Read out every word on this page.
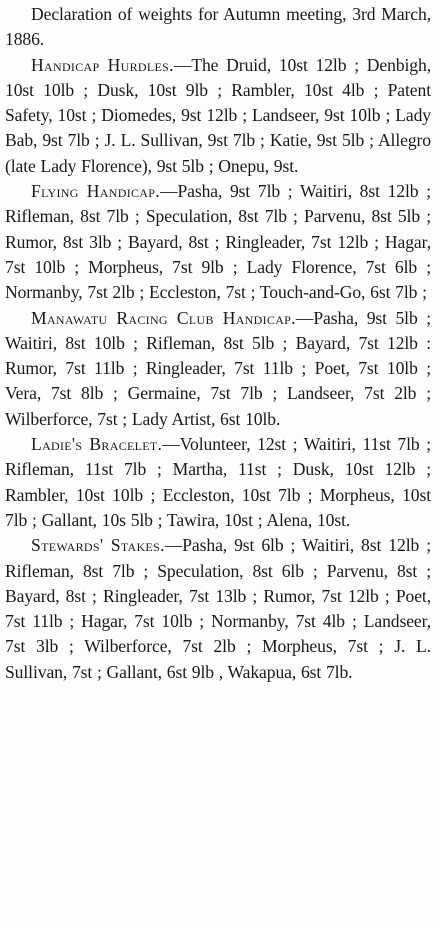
Declaration of weights for Autumn meeting, 3rd March, 1886.

Handicap Hurdles.—The Druid, 10st 12lb ; Denbigh, 10st 10lb ; Dusk, 10st 9lb ; Rambler, 10st 4lb ; Patent Safety, 10st ; Diomedes, 9st 12lb ; Landseer, 9st 10lb ; Lady Bab, 9st 7lb ; J. L. Sullivan, 9st 7lb ; Katie, 9st 5lb ; Allegro (late Lady Florence), 9st 5lb ; Onepu, 9st.

Flying Handicap.—Pasha, 9st 7lb ; Waitiri, 8st 12lb ; Rifleman, 8st 7lb ; Speculation, 8st 7lb ; Parvenu, 8st 5lb ; Rumor, 8st 3lb ; Bayard, 8st ; Ringleader, 7st 12lb ; Hagar, 7st 10lb ; Morpheus, 7st 9lb ; Lady Florence, 7st 6lb ; Normanby, 7st 2lb ; Eccleston, 7st ; Touch-and-Go, 6st 7lb ;

Manawatu Racing Club Handicap.—Pasha, 9st 5lb ; Waitiri, 8st 10lb ; Rifleman, 8st 5lb ; Bayard, 7st 12lb : Rumor, 7st 11lb ; Ringleader, 7st 11lb ; Poet, 7st 10lb ; Vera, 7st 8lb ; Germaine, 7st 7lb ; Landseer, 7st 2lb ; Wilberforce, 7st ; Lady Artist, 6st 10lb.

Ladie's Bracelet.—Volunteer, 12st ; Waitiri, 11st 7lb ; Rifleman, 11st 7lb ; Martha, 11st ; Dusk, 10st 12lb ; Rambler, 10st 10lb ; Eccleston, 10st 7lb ; Morpheus, 10st 7lb ; Gallant, 10s 5lb ; Tawira, 10st ; Alena, 10st.

Stewards' Stakes.—Pasha, 9st 6lb ; Waitiri, 8st 12lb ; Rifleman, 8st 7lb ; Speculation, 8st 6lb ; Parvenu, 8st ; Bayard, 8st ; Ringleader, 7st 13lb ; Rumor, 7st 12lb ; Poet, 7st 11lb ; Hagar, 7st 10lb ; Normanby, 7st 4lb ; Landseer, 7st 3lb ; Wilberforce, 7st 2lb ; Morpheus, 7st ; J. L. Sullivan, 7st ; Gallant, 6st 9lb , Wakapua, 6st 7lb.
